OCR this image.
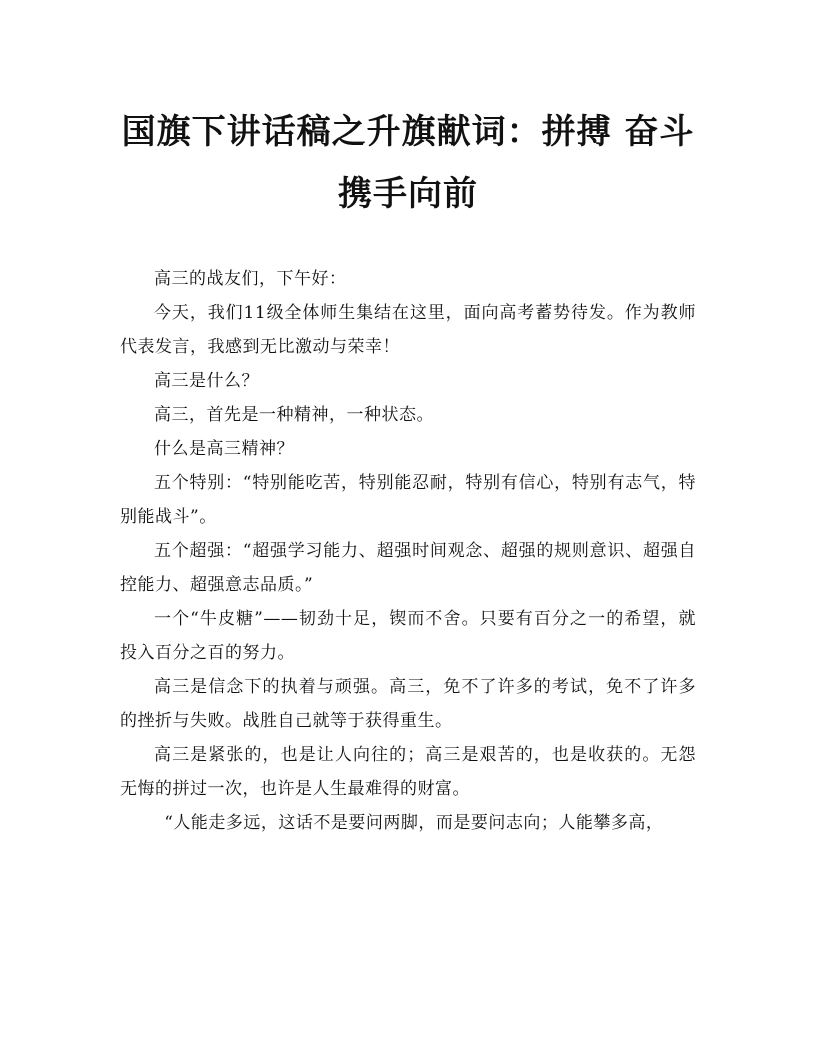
国旗下讲话稿之升旗献词：拼搏 奋斗
携手向前

高三的战友们，下午好：

今天，我们11级全体师生集结在这里，面向高考蓄势待发。作为教师代表发言，我感到无比激动与荣幸！

高三是什么？

高三，首先是一种精神，一种状态。

什么是高三精神？

五个特别：“特别能吃苦，特别能忍耐，特别有信心，特别有志气，特别能战斗”。

五个超强：“超强学习能力、超强时间观念、超强的规则意识、超强自控能力、超强意志品质。”

一个“牛皮糖”——韧劲十足，锲而不舍。只要有百分之一的希望，就投入百分之百的努力。

高三是信念下的执着与顽强。高三，免不了许多的考试，免不了许多的挫折与失败。战胜自己就等于获得重生。

高三是紧张的，也是让人向往的；高三是艰苦的，也是收获的。无怨无悔的拼过一次，也许是人生最难得的财富。

“人能走多远，这话不是要问两脚，而是要问志向；人能攀多高，
